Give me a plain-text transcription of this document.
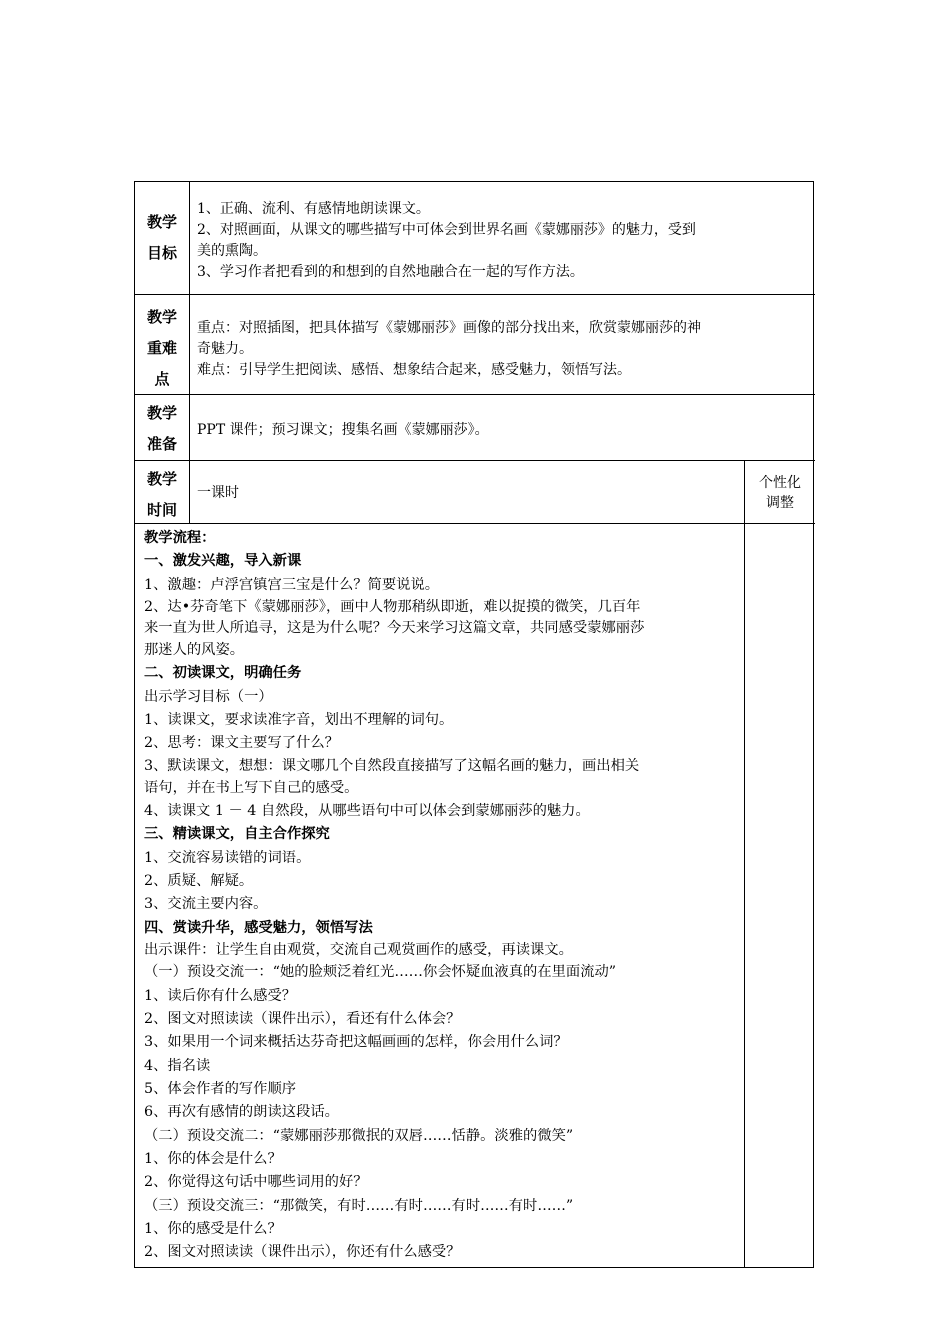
教学
目标

1、正确、流利、有感情地朗读课文。

2、对照画面，从课文的哪些描写中可体会到世界名画《蒙娜丽莎》的魅力，受到

美的熏陶。

3、学习作者把看到的和想到的自然地融合在一起的写作方法。

教学
重难
点

重点：对照插图，把具体描写《蒙娜丽莎》画像的部分找出来，欣赏蒙娜丽莎的神

奇魅力。

难点：引导学生把阅读、感悟、想象结合起来，感受魅力，领悟写法。

教学
准备

PPT 课件；预习课文；搜集名画《蒙娜丽莎》。

教学
时间

一课时

个性化
调整
教学流程：
一、激发兴趣，导入新课
1、激趣：卢浮宫镇宫三宝是什么？简要说说。
2、达•芬奇笔下《蒙娜丽莎》，画中人物那稍纵即逝，难以捉摸的微笑，几百年
来一直为世人所追寻，这是为什么呢？今天来学习这篇文章，共同感受蒙娜丽莎
那迷人的风姿。
二、初读课文，明确任务
出示学习目标（一）
1、读课文，要求读准字音，划出不理解的词句。
2、思考：课文主要写了什么？
3、默读课文，想想：课文哪几个自然段直接描写了这幅名画的魅力，画出相关
语句，并在书上写下自己的感受。
4、读课文 1 － 4 自然段，从哪些语句中可以体会到蒙娜丽莎的魅力。
三、精读课文，自主合作探究
1、交流容易读错的词语。
2、质疑、解疑。
3、交流主要内容。
四、赏读升华，感受魅力，领悟写法
出示课件：让学生自由观赏，交流自己观赏画作的感受，再读课文。
（一）预设交流一：“她的脸颊泛着红光……你会怀疑血液真的在里面流动”
1、读后你有什么感受？
2、图文对照读读（课件出示），看还有什么体会？
3、如果用一个词来概括达芬奇把这幅画画的怎样，你会用什么词？
4、指名读
5、体会作者的写作顺序
6、再次有感情的朗读这段话。
（二）预设交流二：“蒙娜丽莎那微抿的双唇……恬静。淡雅的微笑”
1、你的体会是什么？
2、你觉得这句话中哪些词用的好？
（三）预设交流三：“那微笑，有时……有时……有时……有时……”
1、你的感受是什么？
2、图文对照读读（课件出示），你还有什么感受？
